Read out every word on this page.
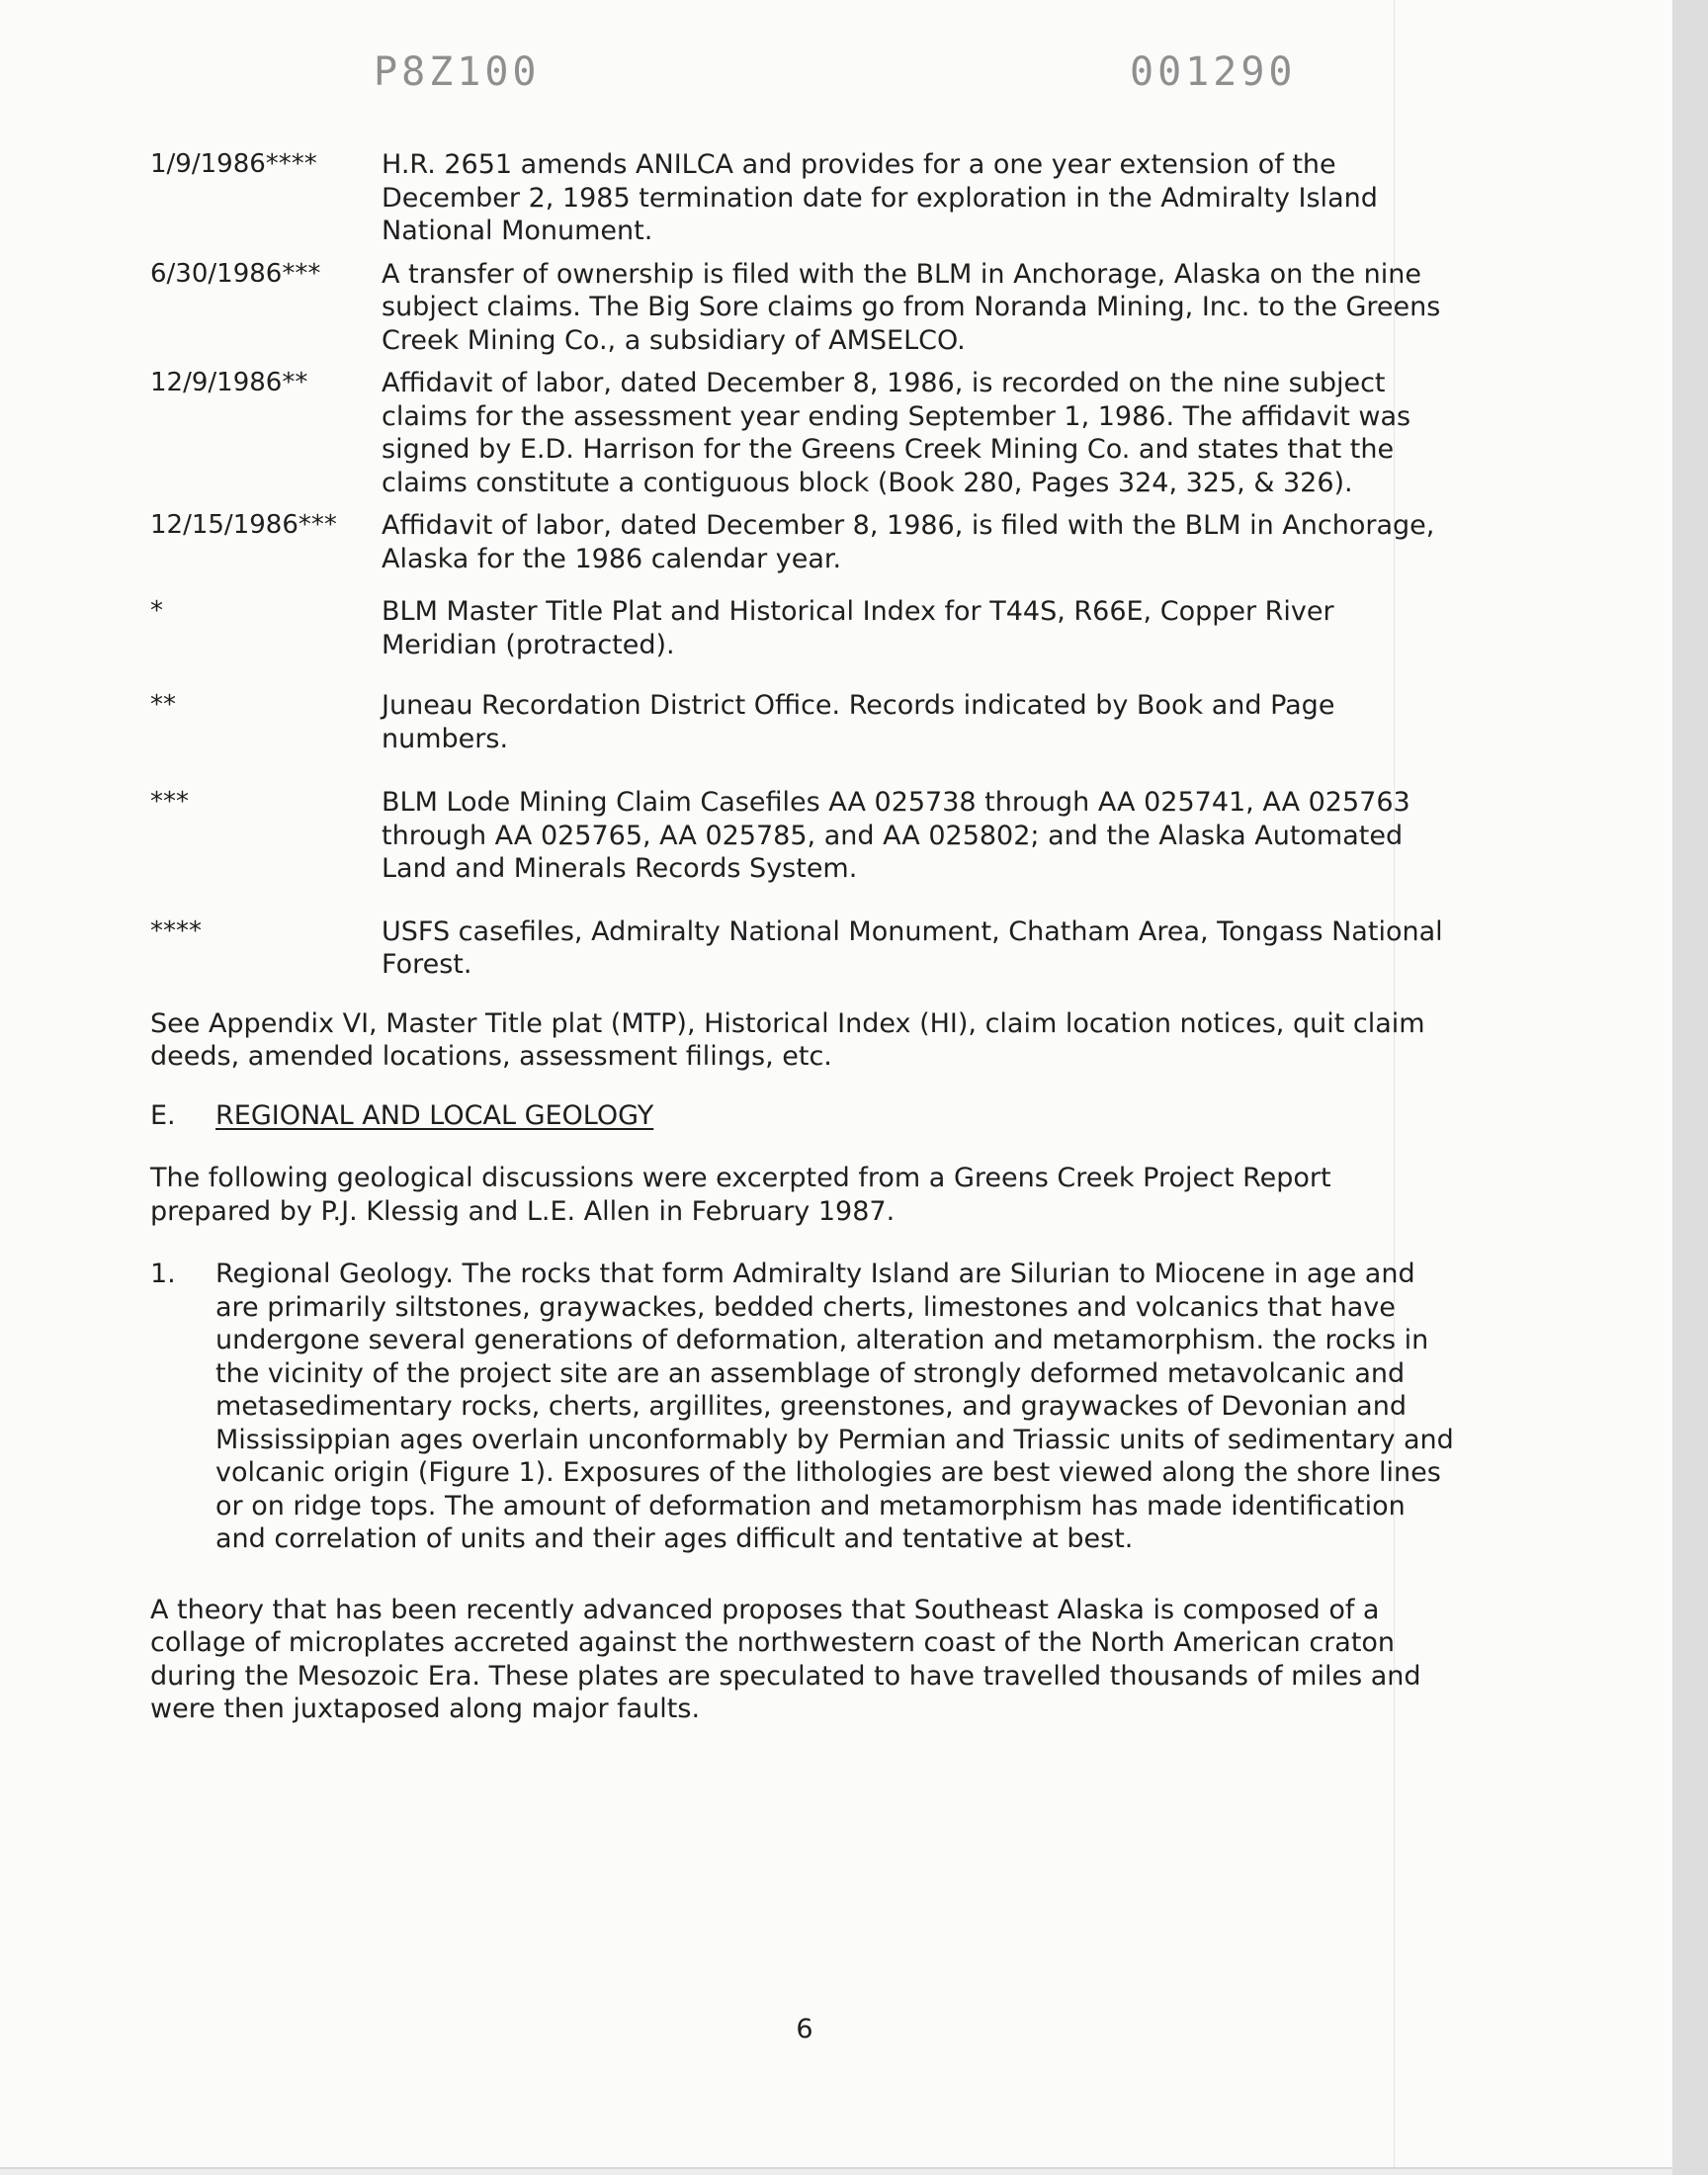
P8Z100	001290
1/9/1986****	H.R. 2651 amends ANILCA and provides for a one year extension of the December 2, 1985 termination date for exploration in the Admiralty Island National Monument.
6/30/1986***	A transfer of ownership is filed with the BLM in Anchorage, Alaska on the nine subject claims. The Big Sore claims go from Noranda Mining, Inc. to the Greens Creek Mining Co., a subsidiary of AMSELCO.
12/9/1986**	Affidavit of labor, dated December 8, 1986, is recorded on the nine subject claims for the assessment year ending September 1, 1986. The affidavit was signed by E.D. Harrison for the Greens Creek Mining Co. and states that the claims constitute a contiguous block (Book 280, Pages 324, 325, & 326).
12/15/1986***	Affidavit of labor, dated December 8, 1986, is filed with the BLM in Anchorage, Alaska for the 1986 calendar year.
*	BLM Master Title Plat and Historical Index for T44S, R66E, Copper River Meridian (protracted).
**	Juneau Recordation District Office. Records indicated by Book and Page numbers.
***	BLM Lode Mining Claim Casefiles AA 025738 through AA 025741, AA 025763 through AA 025765, AA 025785, and AA 025802; and the Alaska Automated Land and Minerals Records System.
****	USFS casefiles, Admiralty National Monument, Chatham Area, Tongass National Forest.

See Appendix VI, Master Title plat (MTP), Historical Index (HI), claim location notices, quit claim deeds, amended locations, assessment filings, etc.

E.	REGIONAL AND LOCAL GEOLOGY

The following geological discussions were excerpted from a Greens Creek Project Report prepared by P.J. Klessig and L.E. Allen in February 1987.

1.	Regional Geology. The rocks that form Admiralty Island are Silurian to Miocene in age and are primarily siltstones, graywackes, bedded cherts, limestones and volcanics that have undergone several generations of deformation, alteration and metamorphism. the rocks in the vicinity of the project site are an assemblage of strongly deformed metavolcanic and metasedimentary rocks, cherts, argillites, greenstones, and graywackes of Devonian and Mississippian ages overlain unconformably by Permian and Triassic units of sedimentary and volcanic origin (Figure 1). Exposures of the lithologies are best viewed along the shore lines or on ridge tops. The amount of deformation and metamorphism has made identification and correlation of units and their ages difficult and tentative at best.

A theory that has been recently advanced proposes that Southeast Alaska is composed of a collage of microplates accreted against the northwestern coast of the North American craton during the Mesozoic Era. These plates are speculated to have travelled thousands of miles and were then juxtaposed along major faults.

6
